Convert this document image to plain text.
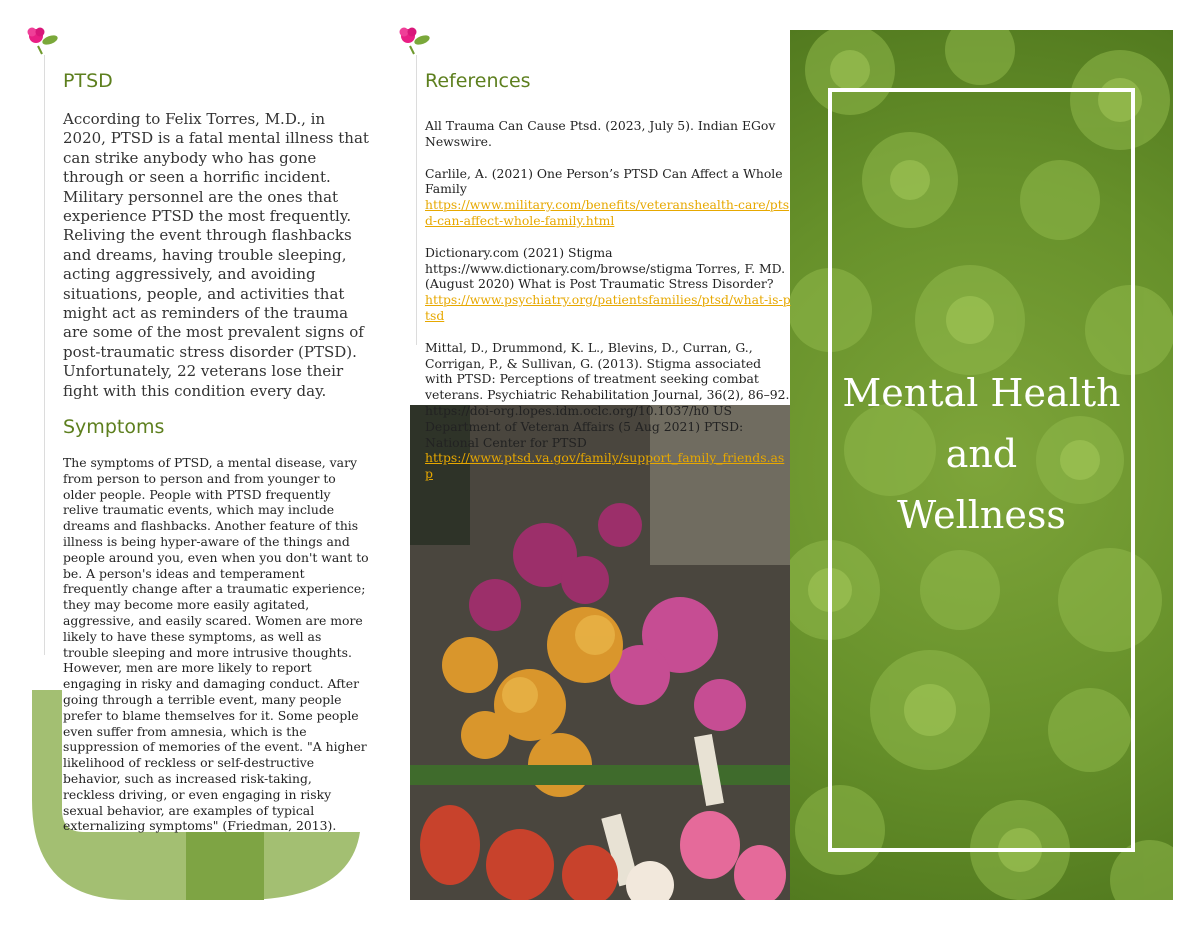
PTSD
According to Felix Torres, M.D., in
2020, PTSD is a fatal mental illness that
can strike anybody who has gone
through or seen a horrific incident.
Military personnel are the ones that
experience PTSD the most frequently.
Reliving the event through flashbacks
and dreams, having trouble sleeping,
acting aggressively, and avoiding
situations, people, and activities that
might act as reminders of the trauma
are some of the most prevalent signs of
post-traumatic stress disorder (PTSD).
Unfortunately, 22 veterans lose their
fight with this condition every day.
Symptoms
The symptoms of PTSD, a mental disease, vary
from person to person and from younger to
older people. People with PTSD frequently
relive traumatic events, which may include
dreams and flashbacks. Another feature of this
illness is being hyper-aware of the things and
people around you, even when you don't want to
be. A person's ideas and temperament
frequently change after a traumatic experience;
they may become more easily agitated,
aggressive, and easily scared. Women are more
likely to have these symptoms, as well as
trouble sleeping and more intrusive thoughts.
However, men are more likely to report
engaging in risky and damaging conduct. After
going through a terrible event, many people
prefer to blame themselves for it. Some people
even suffer from amnesia, which is the
suppression of memories of the event. "A higher
likelihood of reckless or self-destructive
behavior, such as increased risk-taking,
reckless driving, or even engaging in risky
sexual behavior, are examples of typical
externalizing symptoms" (Friedman, 2013).
References

All Trauma Can Cause Ptsd. (2023, July 5). Indian EGov Newswire.

Carlile, A. (2021) One Person’s PTSD Can Affect a Whole Family
https://www.military.com/benefits/veteranshealth-care/ptsd-can-affect-whole-family.html

Dictionary.com (2021) Stigma https://www.dictionary.com/browse/stigma Torres, F. MD. (August 2020) What is Post Traumatic Stress Disorder?
https://www.psychiatry.org/patientsfamilies/ptsd/what-is-ptsd

Mittal, D., Drummond, K. L., Blevins, D., Curran, G., Corrigan, P., & Sullivan, G. (2013). Stigma associated with PTSD: Perceptions of treatment seeking combat veterans. Psychiatric Rehabilitation Journal, 36(2), 86–92. https://doi-org.lopes.idm.oclc.org/10.1037/h0 US Department of Veteran Affairs (5 Aug 2021) PTSD: National Center for PTSD
https://www.ptsd.va.gov/family/support_family_friends.asp

Mental Health
and
Wellness
